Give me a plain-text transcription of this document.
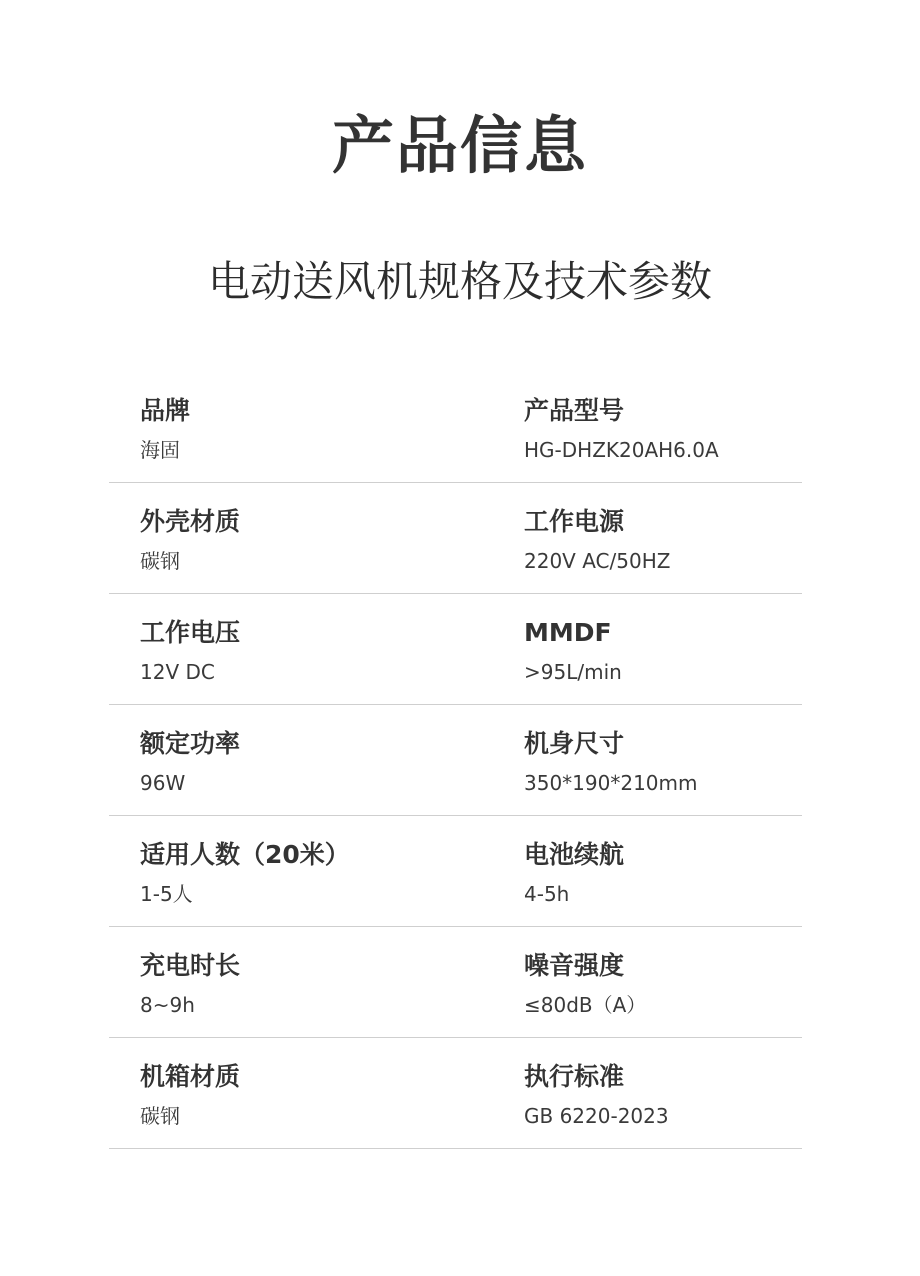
产品信息
电动送风机规格及技术参数
品牌
海固
产品型号
HG-DHZK20AH6.0A
外壳材质
碳钢
工作电源
220V AC/50HZ
工作电压
12V DC
MMDF
>95L/min
额定功率
96W
机身尺寸
350*190*210mm
适用人数（20米）
1-5人
电池续航
4-5h
充电时长
8~9h
噪音强度
≤80dB（A）
机箱材质
碳钢
执行标准
GB 6220-2023
